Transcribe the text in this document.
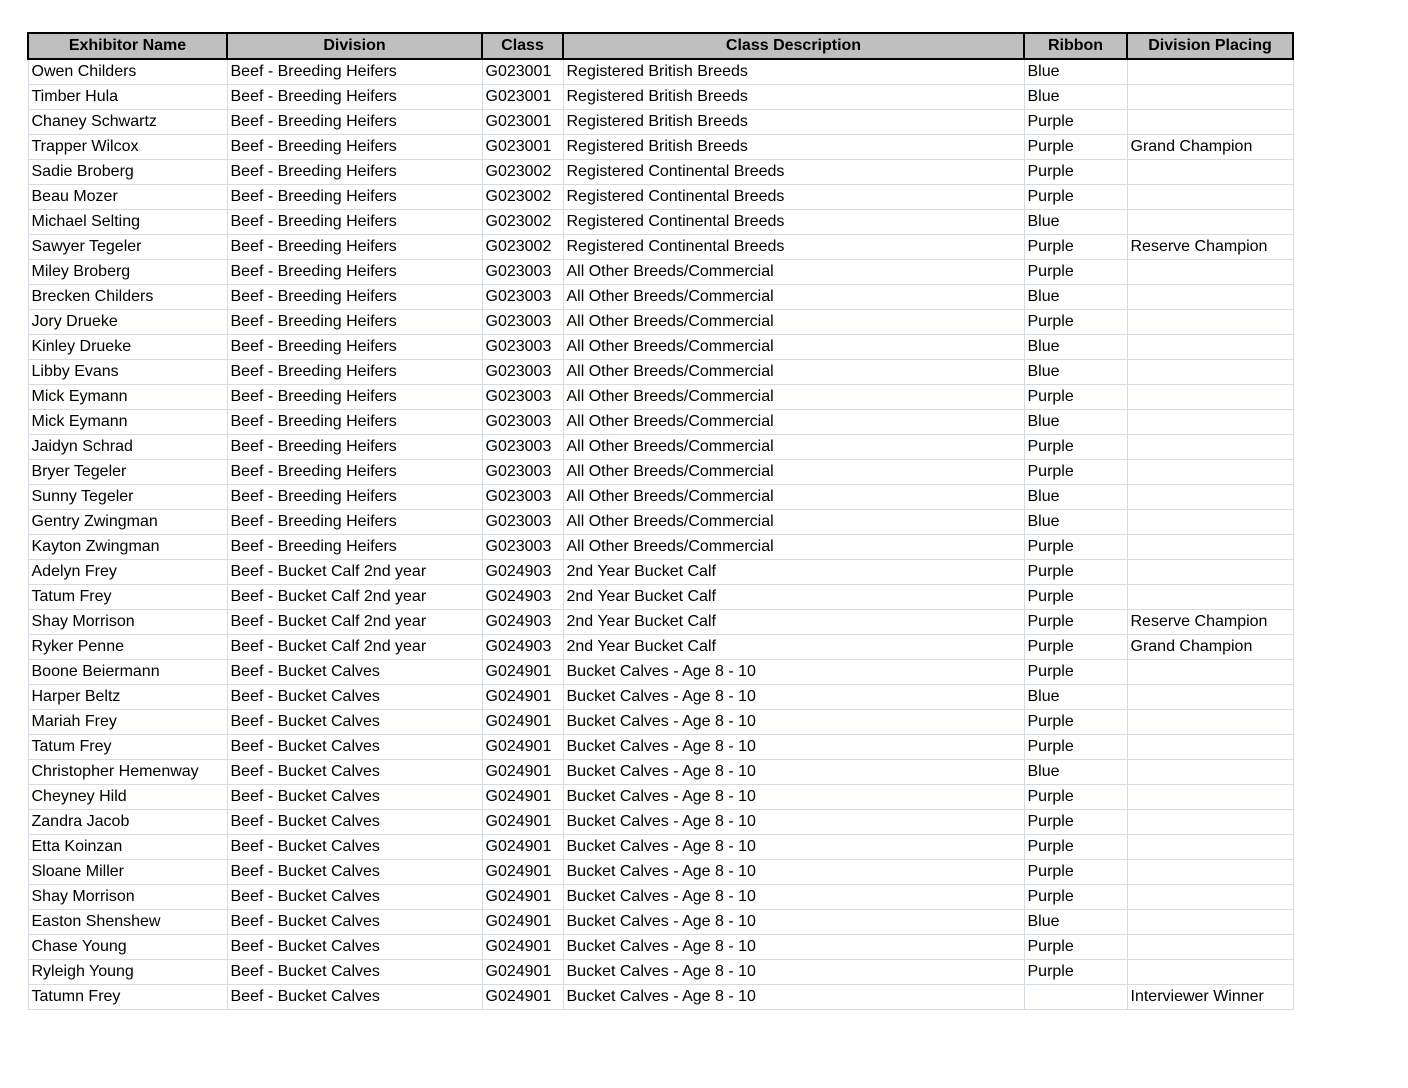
Exhibitor Name	Division	Class	Class Description	Ribbon	Division Placing
Owen Childers	Beef - Breeding Heifers	G023001	Registered British Breeds	Blue	
Timber Hula	Beef - Breeding Heifers	G023001	Registered British Breeds	Blue	
Chaney Schwartz	Beef - Breeding Heifers	G023001	Registered British Breeds	Purple	
Trapper Wilcox	Beef - Breeding Heifers	G023001	Registered British Breeds	Purple	Grand Champion
Sadie Broberg	Beef - Breeding Heifers	G023002	Registered Continental Breeds	Purple	
Beau Mozer	Beef - Breeding Heifers	G023002	Registered Continental Breeds	Purple	
Michael Selting	Beef - Breeding Heifers	G023002	Registered Continental Breeds	Blue	
Sawyer Tegeler	Beef - Breeding Heifers	G023002	Registered Continental Breeds	Purple	Reserve Champion
Miley Broberg	Beef - Breeding Heifers	G023003	All Other Breeds/Commercial	Purple	
Brecken Childers	Beef - Breeding Heifers	G023003	All Other Breeds/Commercial	Blue	
Jory Drueke	Beef - Breeding Heifers	G023003	All Other Breeds/Commercial	Purple	
Kinley Drueke	Beef - Breeding Heifers	G023003	All Other Breeds/Commercial	Blue	
Libby Evans	Beef - Breeding Heifers	G023003	All Other Breeds/Commercial	Blue	
Mick Eymann	Beef - Breeding Heifers	G023003	All Other Breeds/Commercial	Purple	
Mick Eymann	Beef - Breeding Heifers	G023003	All Other Breeds/Commercial	Blue	
Jaidyn Schrad	Beef - Breeding Heifers	G023003	All Other Breeds/Commercial	Purple	
Bryer Tegeler	Beef - Breeding Heifers	G023003	All Other Breeds/Commercial	Purple	
Sunny Tegeler	Beef - Breeding Heifers	G023003	All Other Breeds/Commercial	Blue	
Gentry Zwingman	Beef - Breeding Heifers	G023003	All Other Breeds/Commercial	Blue	
Kayton Zwingman	Beef - Breeding Heifers	G023003	All Other Breeds/Commercial	Purple	
Adelyn Frey	Beef - Bucket Calf 2nd year	G024903	2nd Year Bucket Calf	Purple	
Tatum Frey	Beef - Bucket Calf 2nd year	G024903	2nd Year Bucket Calf	Purple	
Shay Morrison	Beef - Bucket Calf 2nd year	G024903	2nd Year Bucket Calf	Purple	Reserve Champion
Ryker Penne	Beef - Bucket Calf 2nd year	G024903	2nd Year Bucket Calf	Purple	Grand Champion
Boone Beiermann	Beef - Bucket Calves	G024901	Bucket Calves - Age 8 - 10	Purple	
Harper Beltz	Beef - Bucket Calves	G024901	Bucket Calves - Age 8 - 10	Blue	
Mariah Frey	Beef - Bucket Calves	G024901	Bucket Calves - Age 8 - 10	Purple	
Tatum Frey	Beef - Bucket Calves	G024901	Bucket Calves - Age 8 - 10	Purple	
Christopher Hemenway	Beef - Bucket Calves	G024901	Bucket Calves - Age 8 - 10	Blue	
Cheyney Hild	Beef - Bucket Calves	G024901	Bucket Calves - Age 8 - 10	Purple	
Zandra Jacob	Beef - Bucket Calves	G024901	Bucket Calves - Age 8 - 10	Purple	
Etta Koinzan	Beef - Bucket Calves	G024901	Bucket Calves - Age 8 - 10	Purple	
Sloane Miller	Beef - Bucket Calves	G024901	Bucket Calves - Age 8 - 10	Purple	
Shay Morrison	Beef - Bucket Calves	G024901	Bucket Calves - Age 8 - 10	Purple	
Easton Shenshew	Beef - Bucket Calves	G024901	Bucket Calves - Age 8 - 10	Blue	
Chase Young	Beef - Bucket Calves	G024901	Bucket Calves - Age 8 - 10	Purple	
Ryleigh Young	Beef - Bucket Calves	G024901	Bucket Calves - Age 8 - 10	Purple	
Tatumn Frey	Beef - Bucket Calves	G024901	Bucket Calves - Age 8 - 10		Interviewer Winner
